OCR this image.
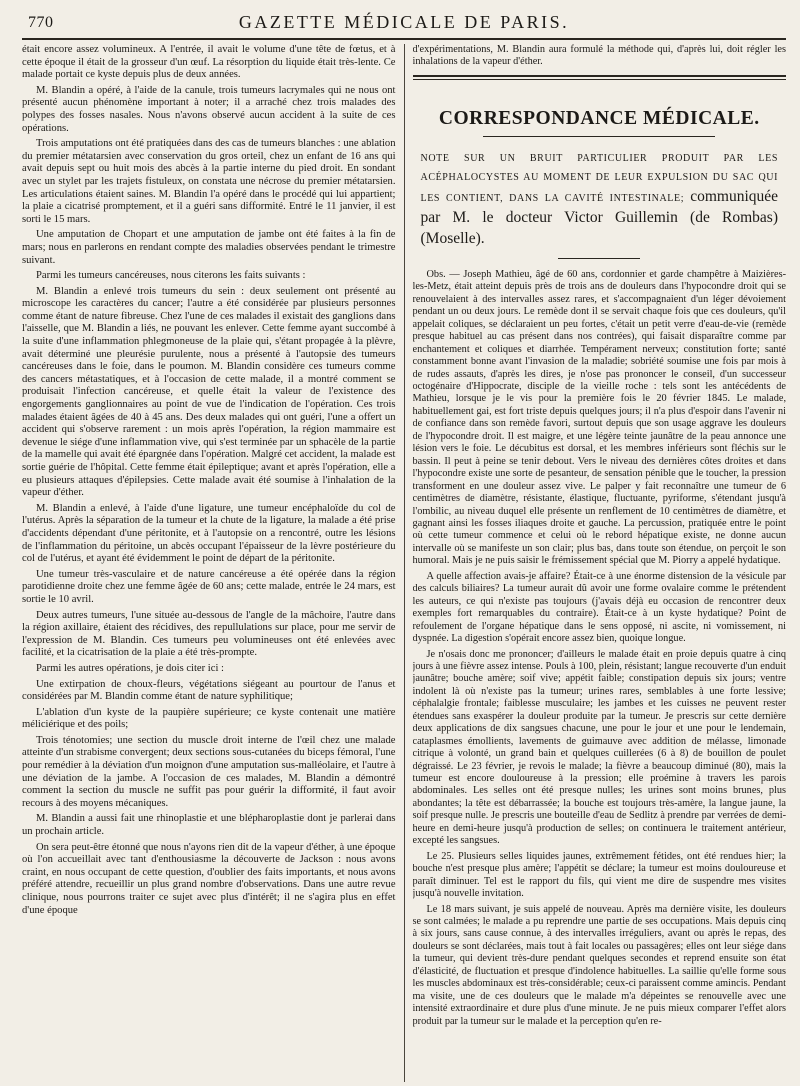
770	GAZETTE MÉDICALE DE PARIS.

était encore assez volumineux. A l'entrée, il avait le volume d'une tête de fœtus, et à cette époque il était de la grosseur d'un œuf. La résorption du liquide était très-lente. Ce malade portait ce kyste depuis plus de deux années.

M. Blandin a opéré, à l'aide de la canule, trois tumeurs lacrymales qui ne nous ont présenté aucun phénomène important à noter; il a arraché chez trois malades des polypes des fosses nasales. Nous n'avons observé aucun accident à la suite de ces opérations.

Trois amputations ont été pratiquées dans des cas de tumeurs blanches : une ablation du premier métatarsien avec conservation du gros orteil, chez un enfant de 16 ans qui avait depuis sept ou huit mois des abcès à la partie interne du pied droit. En sondant avec un stylet par les trajets fistuleux, on constata une nécrose du premier métatarsien. Les articulations étaient saines. M. Blandin l'a opéré dans le procédé qui lui appartient; la plaie a cicatrisé promptement, et il a guéri sans difformité. Entré le 11 janvier, il est sorti le 15 mars.

Une amputation de Chopart et une amputation de jambe ont été faites à la fin de mars; nous en parlerons en rendant compte des maladies observées pendant le trimestre suivant.

Parmi les tumeurs cancéreuses, nous citerons les faits suivants :

M. Blandin a enlevé trois tumeurs du sein : deux seulement ont présenté au microscope les caractères du cancer; l'autre a été considérée par plusieurs personnes comme étant de nature fibreuse. Chez l'une de ces malades il existait des ganglions dans l'aisselle, que M. Blandin a liés, ne pouvant les enlever. Cette femme ayant succombé à la suite d'une inflammation phlegmoneuse de la plaie qui, s'étant propagée à la plèvre, avait déterminé une pleurésie purulente, nous a présenté à l'autopsie des tumeurs cancéreuses dans le foie, dans le poumon. M. Blandin considère ces tumeurs comme des cancers métastatiques, et à l'occasion de cette malade, il a montré comment se produisait l'infection cancéreuse, et quelle était la valeur de l'existence des engorgements ganglionnaires au point de vue de l'indication de l'opération. Ces trois malades étaient âgées de 40 à 45 ans. Des deux malades qui ont guéri, l'une a offert un accident qui s'observe rarement : un mois après l'opération, la région mammaire est devenue le siége d'une inflammation vive, qui s'est terminée par un sphacèle de la partie de la mamelle qui avait été épargnée dans l'opération. Malgré cet accident, la malade est sortie guérie de l'hôpital. Cette femme était épileptique; avant et après l'opération, elle a eu plusieurs attaques d'épilepsies. Cette malade avait été soumise à l'inhalation de la vapeur d'éther.

M. Blandin a enlevé, à l'aide d'une ligature, une tumeur encéphaloïde du col de l'utérus. Après la séparation de la tumeur et la chute de la ligature, la malade a été prise d'accidents dépendant d'une péritonite, et à l'autopsie on a rencontré, outre les lésions de l'inflammation du péritoine, un abcès occupant l'épaisseur de la lèvre postérieure du col de l'utérus, et ayant été évidemment le point de départ de la péritonite.

Une tumeur très-vasculaire et de nature cancéreuse a été opérée dans la région parotidienne droite chez une femme âgée de 60 ans; cette malade, entrée le 24 mars, est sortie le 10 avril.

Deux autres tumeurs, l'une située au-dessous de l'angle de la mâchoire, l'autre dans la région axillaire, étaient des récidives, des repullulations sur place, pour me servir de l'expression de M. Blandin. Ces tumeurs peu volumineuses ont été enlevées avec facilité, et la cicatrisation de la plaie a été très-prompte.

Parmi les autres opérations, je dois citer ici :

Une extirpation de choux-fleurs, végétations siégeant au pourtour de l'anus et considérées par M. Blandin comme étant de nature syphilitique;

L'ablation d'un kyste de la paupière supérieure; ce kyste contenait une matière méliciérique et des poils;

Trois ténotomies; une section du muscle droit interne de l'œil chez une malade atteinte d'un strabisme convergent; deux sections sous-cutanées du biceps fémoral, l'une pour remédier à la déviation d'un moignon d'une amputation sus-malléolaire, et l'autre à une déviation de la jambe. A l'occasion de ces malades, M. Blandin a démontré comment la section du muscle ne suffit pas pour guérir la difformité, il faut avoir recours à des moyens mécaniques.

M. Blandin a aussi fait une rhinoplastie et une blépharoplastie dont je parlerai dans un prochain article.

On sera peut-être étonné que nous n'ayons rien dit de la vapeur d'éther, à une époque où l'on accueillait avec tant d'enthousiasme la découverte de Jackson : nous avons craint, en nous occupant de cette question, d'oublier des faits importants, et nous avons préféré attendre, recueillir un plus grand nombre d'observations. Dans une autre revue clinique, nous pourrons traiter ce sujet avec plus d'intérêt; il ne s'agira plus en effet d'une époque

d'expérimentations, M. Blandin aura formulé la méthode qui, d'après lui, doit régler les inhalations de la vapeur d'éther.

CORRESPONDANCE MÉDICALE.
NOTE SUR UN BRUIT PARTICULIER PRODUIT PAR LES ACÉPHALOCYSTES AU MOMENT DE LEUR EXPULSION DU SAC QUI LES CONTIENT, DANS LA CAVITÉ INTESTINALE; communiquée par M. le docteur Victor Guillemin (de Rombas) (Moselle).

Obs. — Joseph Mathieu, âgé de 60 ans, cordonnier et garde champêtre à Maizières-les-Metz, était atteint depuis près de trois ans de douleurs dans l'hypocondre droit qui se renouvelaient à des intervalles assez rares, et s'accompagnaient d'un léger dévoiement pendant un ou deux jours. Le remède dont il se servait chaque fois que ces douleurs, qu'il appelait coliques, se déclaraient un peu fortes, c'était un petit verre d'eau-de-vie (remède presque habituel au cas présent dans nos contrées), qui faisait disparaître comme par enchantement et coliques et diarrhée. Tempérament nerveux; constitution forte; santé constamment bonne avant l'invasion de la maladie; sobriété soumise une fois par mois à de rudes assauts, d'après les dires, je n'ose pas prononcer le conseil, d'un successeur octogénaire d'Hippocrate, disciple de la vieille roche : tels sont les antécédents de Mathieu, lorsque je le vis pour la première fois le 20 février 1845. Le malade, habituellement gai, est fort triste depuis quelques jours; il n'a plus d'espoir dans l'avenir ni de confiance dans son remède favori, surtout depuis que son usage aggrave les douleurs de l'hypocondre droit. Il est maigre, et une légère teinte jaunâtre de la peau annonce une lésion vers le foie. Le décubitus est dorsal, et les membres inférieurs sont fléchis sur le bassin. Il peut à peine se tenir debout. Vers le niveau des dernières côtes droites et dans l'hypocondre existe une sorte de pesanteur, de sensation pénible que le toucher, la pression transforment en une douleur assez vive. Le palper y fait reconnaître une tumeur de 6 centimètres de diamètre, résistante, élastique, fluctuante, pyriforme, s'étendant jusqu'à l'ombilic, au niveau duquel elle présente un renflement de 10 centimètres de diamètre, et gagnant ainsi les fosses iliaques droite et gauche. La percussion, pratiquée entre le point où cette tumeur commence et celui où le rebord hépatique existe, ne donne aucun intervalle où se manifeste un son clair; plus bas, dans toute son étendue, on perçoit le son humoral. Mais je ne puis saisir le frémissement spécial que M. Piorry a appelé hydatique.

A quelle affection avais-je affaire? Était-ce à une énorme distension de la vésicule par des calculs biliaires? La tumeur aurait dû avoir une forme ovalaire comme le prétendent les auteurs, ce qui n'existe pas toujours (j'avais déjà eu occasion de rencontrer deux exemples fort remarquables du contraire). Était-ce à un kyste hydatique? Point de refoulement de l'organe hépatique dans le sens opposé, ni ascite, ni vomissement, ni dyspnée. La digestion s'opérait encore assez bien, quoique longue.

Je n'osais donc me prononcer; d'ailleurs le malade était en proie depuis quatre à cinq jours à une fièvre assez intense. Pouls à 100, plein, résistant; langue recouverte d'un enduit jaunâtre; bouche amère; soif vive; appétit faible; constipation depuis six jours; ventre indolent là où n'existe pas la tumeur; urines rares, semblables à une forte lessive; céphalalgie frontale; faiblesse musculaire; les jambes et les cuisses ne peuvent rester étendues sans exaspérer la douleur produite par la tumeur. Je prescris sur cette dernière deux applications de dix sangsues chacune, une pour le jour et une pour le lendemain, cataplasmes émollients, lavements de guimauve avec addition de mélasse, limonade citrique à volonté, un grand bain et quelques cuillerées (6 à 8) de bouillon de poulet dégraissé. Le 23 février, je revois le malade; la fièvre a beaucoup diminué (80), mais la tumeur est encore douloureuse à la pression; elle proémine à travers les parois abdominales. Les selles ont été presque nulles; les urines sont moins brunes, plus abondantes; la tête est débarrassée; la bouche est toujours très-amère, la langue jaune, la soif presque nulle. Je prescris une bouteille d'eau de Sedlitz à prendre par verrées de demi-heure en demi-heure jusqu'à production de selles; on continuera le traitement antérieur, excepté les sangsues.

Le 25. Plusieurs selles liquides jaunes, extrêmement fétides, ont été rendues hier; la bouche n'est presque plus amère; l'appétit se déclare; la tumeur est moins douloureuse et paraît diminuer. Tel est le rapport du fils, qui vient me dire de suspendre mes visites jusqu'à nouvelle invitation.

Le 18 mars suivant, je suis appelé de nouveau. Après ma dernière visite, les douleurs se sont calmées; le malade a pu reprendre une partie de ses occupations. Mais depuis cinq à six jours, sans cause connue, à des intervalles irréguliers, avant ou après le repas, des douleurs se sont déclarées, mais tout à fait locales ou passagères; elles ont leur siége dans la tumeur, qui devient très-dure pendant quelques secondes et reprend ensuite son état d'élasticité, de fluctuation et presque d'indolence habituelles. La saillie qu'elle forme sous les muscles abdominaux est très-considérable; ceux-ci paraissent comme amincis. Pendant ma visite, une de ces douleurs que le malade m'a dépeintes se renouvelle avec une intensité extraordinaire et dure plus d'une minute. Je ne puis mieux comparer l'effet alors produit par la tumeur sur le malade et la perception qu'en re-
